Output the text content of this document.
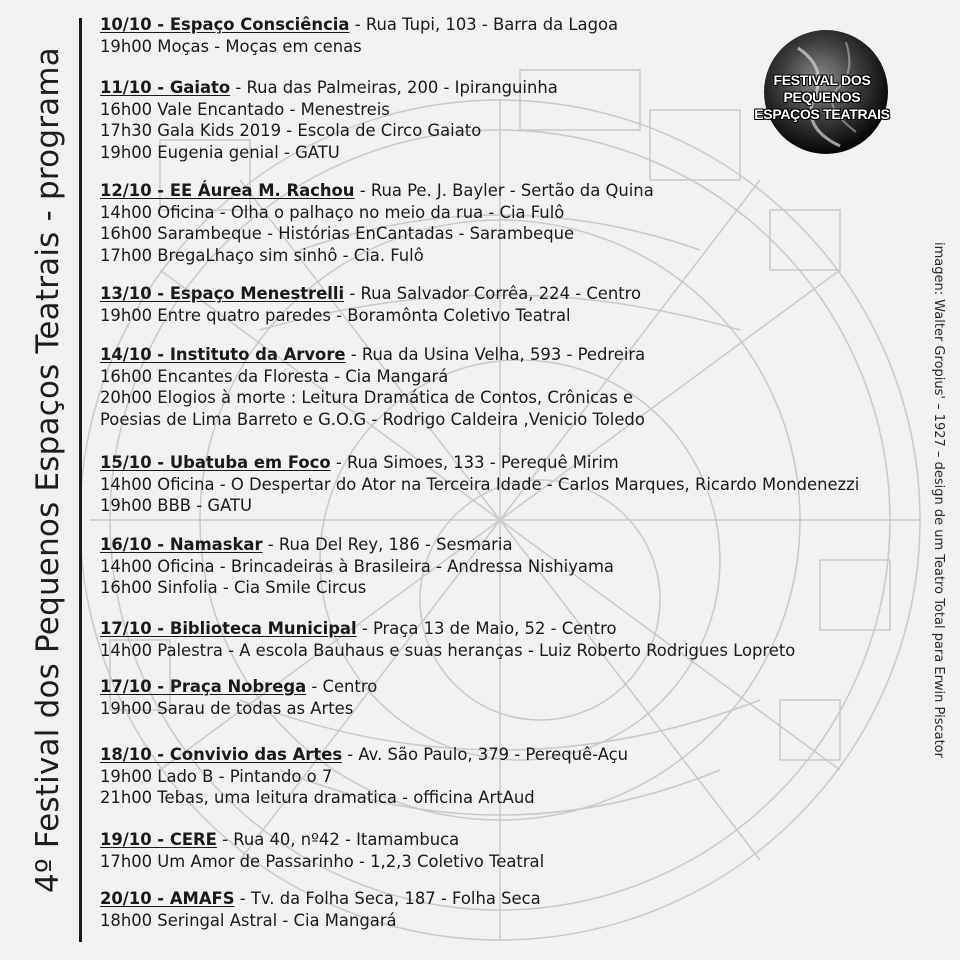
4º Festival dos Pequenos Espaços Teatrais - programa	imagen: Walter Gropius' – 1927 – design de um Teatro Total para Erwin Piscator
FESTIVAL DOS PEQUENOS
ESPAÇOS TEATRAIS
10/10 - Espaço Consciência - Rua Tupi, 103 - Barra da Lagoa
19h00 Moças - Moças em cenas
11/10 - Gaiato - Rua das Palmeiras, 200 - Ipiranguinha
16h00 Vale Encantado - Menestreis
17h30 Gala Kids 2019 - Escola de Circo Gaiato
19h00 Eugenia genial - GATU
12/10 - EE Áurea M. Rachou - Rua Pe. J. Bayler - Sertão da Quina
14h00 Oficina - Olha o palhaço no meio da rua - Cia Fulô
16h00 Sarambeque - Histórias EnCantadas - Sarambeque
17h00 BregaLhaço sim sinhô - Cia. Fulô
13/10 - Espaço Menestrelli - Rua Salvador Corrêa, 224 - Centro
19h00 Entre quatro paredes - Boramônta Coletivo Teatral
14/10 - Instituto da Arvore - Rua da Usina Velha, 593 - Pedreira
16h00 Encantes da Floresta - Cia Mangará
20h00 Elogios à morte : Leitura Dramática de Contos, Crônicas e
Poesias de Lima Barreto e G.O.G - Rodrigo Caldeira ,Venicio Toledo
15/10 - Ubatuba em Foco - Rua Simoes, 133 - Perequê Mirim
14h00 Oficina - O Despertar do Ator na Terceira Idade - Carlos Marques, Ricardo Mondenezzi
19h00 BBB - GATU
16/10 - Namaskar - Rua Del Rey, 186 - Sesmaria
14h00 Oficina - Brincadeiras à Brasileira - Andressa Nishiyama
16h00 Sinfolia - Cia Smile Circus
17/10 - Biblioteca Municipal - Praça 13 de Maio, 52 - Centro
14h00 Palestra - A escola Bauhaus e suas heranças - Luiz Roberto Rodrigues Lopreto
17/10 - Praça Nobrega - Centro
19h00 Sarau de todas as Artes
18/10 - Convivio das Artes - Av. São Paulo, 379 - Perequê-Açu
19h00 Lado B - Pintando o 7
21h00 Tebas, uma leitura dramatica - officina ArtAud
19/10 - CERE - Rua 40, nº42 - Itamambuca
17h00 Um Amor de Passarinho - 1,2,3 Coletivo Teatral
20/10 - AMAFS - Tv. da Folha Seca, 187 - Folha Seca
18h00 Seringal Astral - Cia Mangará
